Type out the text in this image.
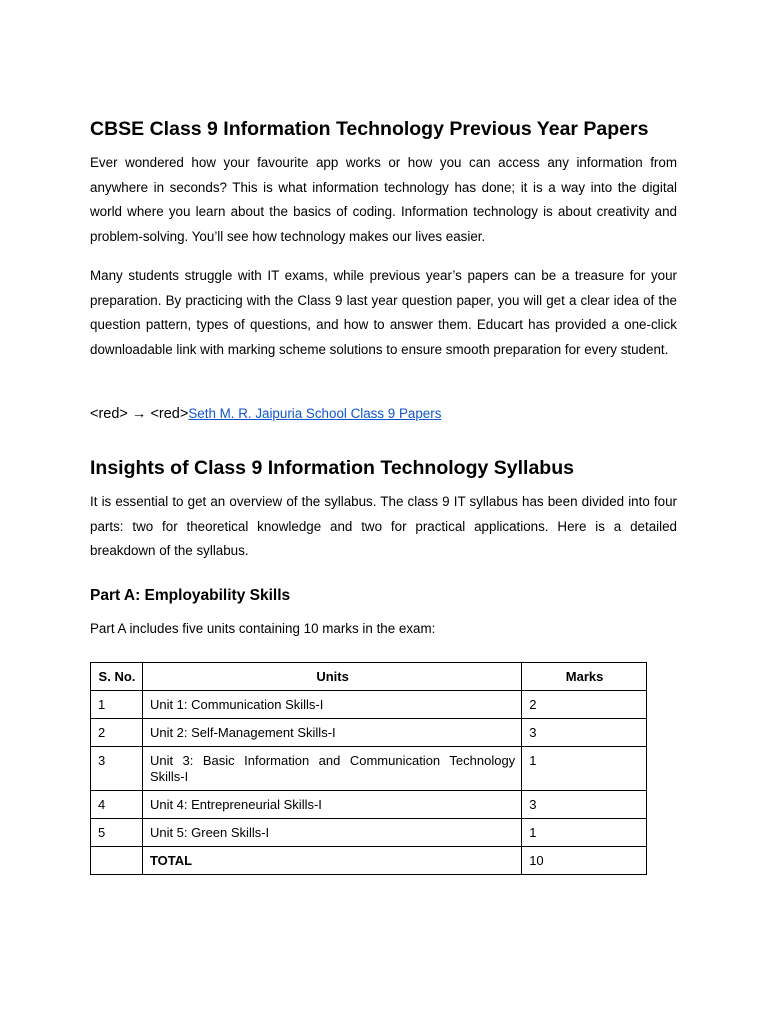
CBSE Class 9 Information Technology Previous Year Papers

Ever wondered how your favourite app works or how you can access any information from anywhere in seconds? This is what information technology has done; it is a way into the digital world where you learn about the basics of coding. Information technology is about creativity and problem-solving. You’ll see how technology makes our lives easier.

Many students struggle with IT exams, while previous year’s papers can be a treasure for your preparation. By practicing with the Class 9 last year question paper, you will get a clear idea of the question pattern, types of questions, and how to answer them. Educart has provided a one-click downloadable link with marking scheme solutions to ensure smooth preparation for every student.

<red> → <red>Seth M. R. Jaipuria School Class 9 Papers
Insights of Class 9 Information Technology Syllabus

It is essential to get an overview of the syllabus. The class 9 IT syllabus has been divided into four parts: two for theoretical knowledge and two for practical applications. Here is a detailed breakdown of the syllabus.

Part A: Employability Skills

Part A includes five units containing 10 marks in the exam:

S. No.	Units	Marks
1	Unit 1: Communication Skills-I	2
2	Unit 2: Self-Management Skills-I	3
3	Unit 3: Basic Information and Communication Technology Skills-I	1
4	Unit 4: Entrepreneurial Skills-I	3
5	Unit 5: Green Skills-I	1
	TOTAL	10
